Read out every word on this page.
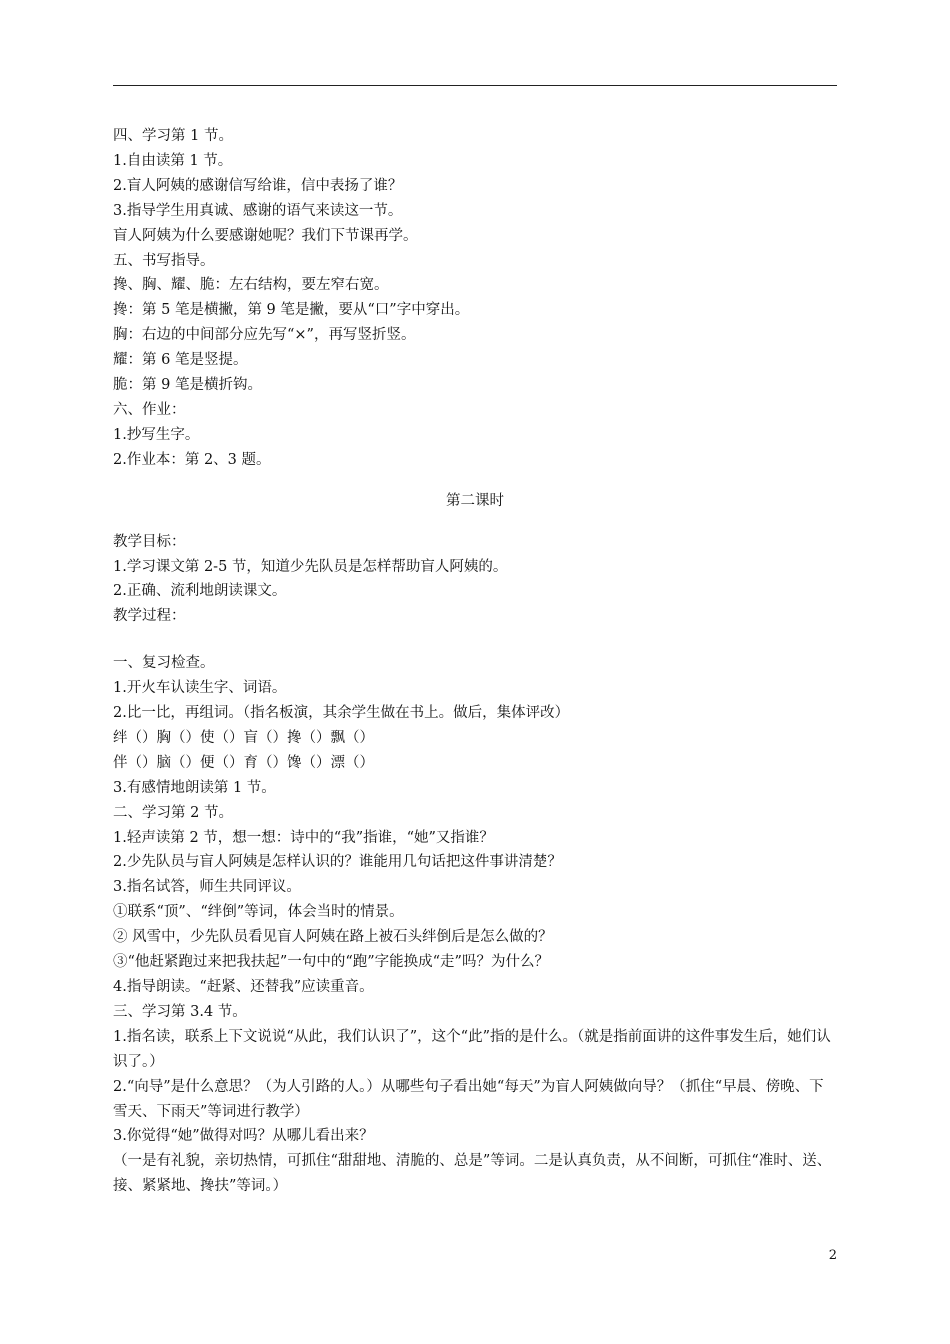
四、学习第 1 节。
1.自由读第 1 节。
2.盲人阿姨的感谢信写给谁，信中表扬了谁？
3.指导学生用真诚、感谢的语气来读这一节。
盲人阿姨为什么要感谢她呢？我们下节课再学。
五、书写指导。
搀、胸、耀、脆：左右结构，要左窄右宽。
搀：第 5 笔是横撇，第 9 笔是撇，要从“口”字中穿出。
胸：右边的中间部分应先写“×”，再写竖折竖。
耀：第 6 笔是竖提。
脆：第 9 笔是横折钩。
六、作业：
1.抄写生字。
2.作业本：第 2、3 题。
第二课时
教学目标：
1.学习课文第 2-5 节，知道少先队员是怎样帮助盲人阿姨的。
2.正确、流利地朗读课文。
教学过程：
一、复习检查。
1.开火车认读生字、词语。
2.比一比，再组词。（指名板演，其余学生做在书上。做后，集体评改）
绊（）胸（）使（）盲（）搀（）飘（）
伴（）脑（）便（）育（）馋（）漂（）
3.有感情地朗读第 1 节。
二、学习第 2 节。
1.轻声读第 2 节，想一想：诗中的“我”指谁，“她”又指谁？
2.少先队员与盲人阿姨是怎样认识的？谁能用几句话把这件事讲清楚？
3.指名试答，师生共同评议。
①联系“顶”、“绊倒”等词，体会当时的情景。
② 风雪中，少先队员看见盲人阿姨在路上被石头绊倒后是怎么做的？
③“他赶紧跑过来把我扶起”一句中的“跑”字能换成“走”吗？为什么？
4.指导朗读。“赶紧、还替我”应读重音。
三、学习第 3.4 节。
1.指名读，联系上下文说说“从此，我们认识了”，这个“此”指的是什么。（就是指前面讲的这件事发生后，她们认识了。）
2.“向导”是什么意思？（为人引路的人。）从哪些句子看出她“每天”为盲人阿姨做向导？（抓住“早晨、傍晚、下雪天、下雨天”等词进行教学）
3.你觉得“她”做得对吗？从哪儿看出来？
（一是有礼貌，亲切热情，可抓住“甜甜地、清脆的、总是”等词。二是认真负责，从不间断，可抓住“准时、送、接、紧紧地、搀扶”等词。）
2
